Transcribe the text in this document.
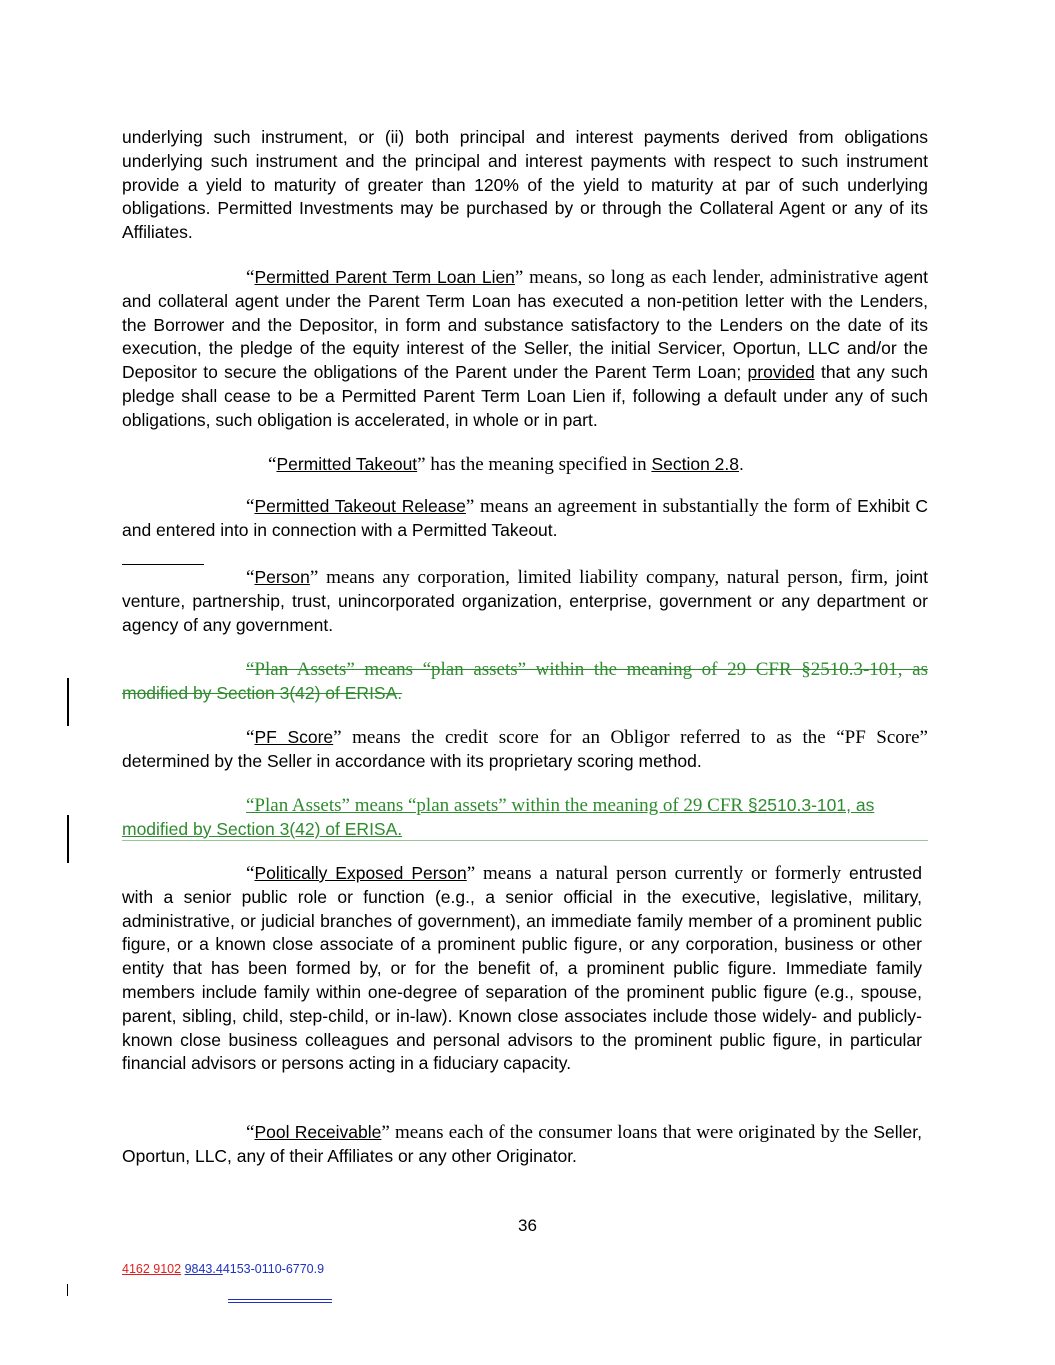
underlying such instrument, or (ii) both principal and interest payments derived from obligations underlying such instrument and the principal and interest payments with respect to such instrument provide a yield to maturity of greater than 120% of the yield to maturity at par of such underlying obligations. Permitted Investments may be purchased by or through the Collateral Agent or any of its Affiliates.

“Permitted Parent Term Loan Lien” means, so long as each lender, administrative agent and collateral agent under the Parent Term Loan has executed a non-petition letter with the Lenders, the Borrower and the Depositor, in form and substance satisfactory to the Lenders on the date of its execution, the pledge of the equity interest of the Seller, the initial Servicer, Oportun, LLC and/or the Depositor to secure the obligations of the Parent under the Parent Term Loan; provided that any such pledge shall cease to be a Permitted Parent Term Loan Lien if, following a default under any of such obligations, such obligation is accelerated, in whole or in part.

“Permitted Takeout” has the meaning specified in Section 2.8.

“Permitted Takeout Release” means an agreement in substantially the form of Exhibit C and entered into in connection with a Permitted Takeout.

“Person” means any corporation, limited liability company, natural person, firm, joint venture, partnership, trust, unincorporated organization, enterprise, government or any department or agency of any government.

“Plan Assets” means “plan assets” within the meaning of 29 CFR §2510.3-101, as modified by Section 3(42) of ERISA.

“PF Score” means the credit score for an Obligor referred to as the “PF Score” determined by the Seller in accordance with its proprietary scoring method.

“Plan Assets” means “plan assets” within the meaning of 29 CFR §2510.3-101, as modified by Section 3(42) of ERISA.

“Politically Exposed Person” means a natural person currently or formerly entrusted with a senior public role or function (e.g., a senior official in the executive, legislative, military, administrative, or judicial branches of government), an immediate family member of a prominent public figure, or a known close associate of a prominent public figure, or any corporation, business or other entity that has been formed by, or for the benefit of, a prominent public figure. Immediate family members include family within one-degree of separation of the prominent public figure (e.g., spouse, parent, sibling, child, step-child, or in-law). Known close associates include those widely- and publicly-known close business colleagues and personal advisors to the prominent public figure, in particular financial advisors or persons acting in a fiduciary capacity.

“Pool Receivable” means each of the consumer loans that were originated by the Seller, Oportun, LLC, any of their Affiliates or any other Originator.

36
4162 9102 9843.44153-0110-6770.9
